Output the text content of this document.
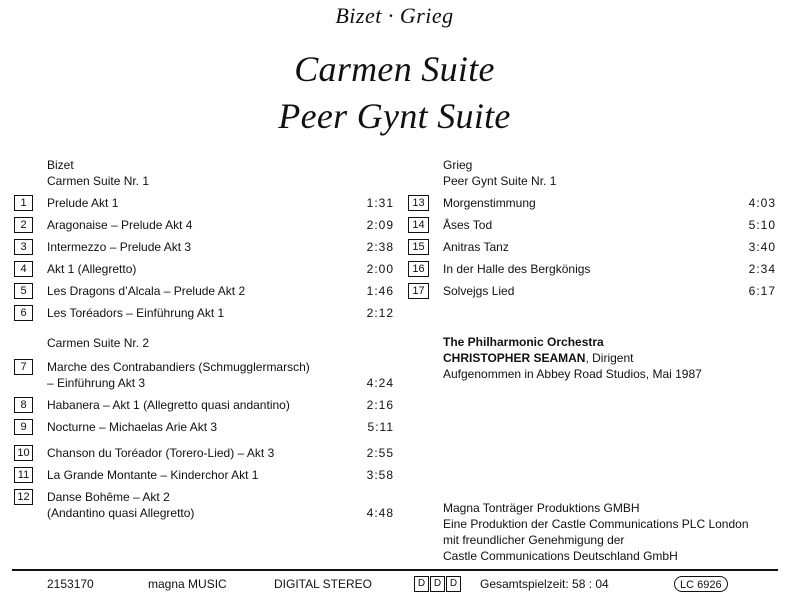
Bizet · Grieg
Carmen Suite
Peer Gynt Suite
Bizet
Carmen Suite Nr. 1
1	Prelude Akt 1	1:31
2	Aragonaise – Prelude Akt 4	2:09
3	Intermezzo – Prelude Akt 3	2:38
4	Akt 1 (Allegretto)	2:00
5	Les Dragons d’Alcala – Prelude Akt 2	1:46
6	Les Toréadors – Einführung Akt 1	2:12
Carmen Suite Nr. 2
7	Marche des Contrabandiers (Schmugglermarsch)
– Einführung Akt 3	4:24
8	Habanera – Akt 1 (Allegretto quasi andantino)	2:16
9	Nocturne – Michaelas Arie Akt 3	5:11
10 Chanson du Toréador (Torero-Lied) – Akt 3	2:55
11	La Grande Montante – Kinderchor Akt 1	3:58
12 Danse Bohême – Akt 2
(Andantino quasi Allegretto)	4:48
Grieg
Peer Gynt Suite Nr. 1
13	Morgenstimmung	4:03
14	Åses Tod	5:10
15	Anitras Tanz	3:40
16	In der Halle des Bergkönigs	2:34
17	Solvejgs Lied	6:17
The Philharmonic Orchestra
CHRISTOPHER SEAMAN, Dirigent
Aufgenommen in Abbey Road Studios, Mai 1987
Magna Tonträger Produktions GMBH
Eine Produktion der Castle Communications PLC London
mit freundlicher Genehmigung der
Castle Communications Deutschland GmbH
2153170	magna MUSIC	DIGITAL STEREO	D D D	Gesamtspielzeit: 58 : 04	LC 6926
